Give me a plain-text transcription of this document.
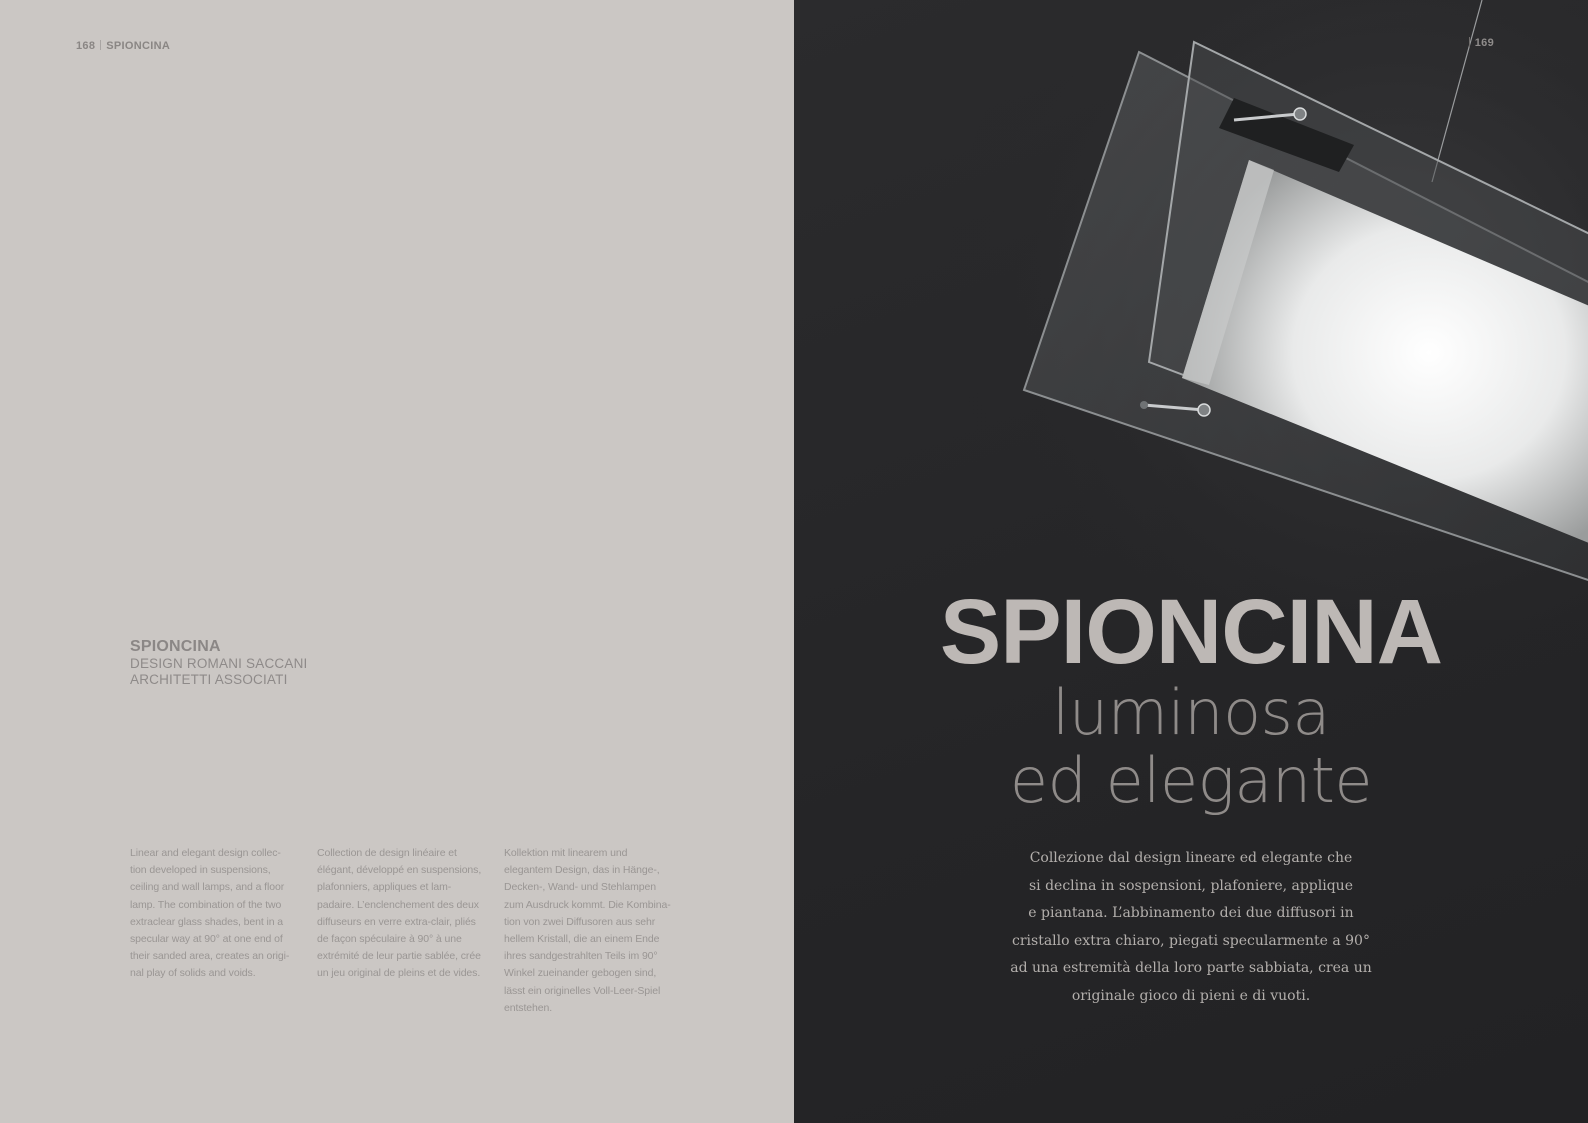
168 SPIONCINA
SPIONCINA
DESIGN ROMANI SACCANI
ARCHITETTI ASSOCIATI
Linear and elegant design collec-
tion developed in suspensions,
ceiling and wall lamps, and a floor
lamp. The combination of the two
extraclear glass shades, bent in a
specular way at 90° at one end of
their sanded area, creates an origi-
nal play of solids and voids.
Collection de design linéaire et
élégant, développé en suspensions,
plafonniers, appliques et lam-
padaire. L’enclenchement des deux
diffuseurs en verre extra-clair, pliés
de façon spéculaire à 90° à une
extrémité de leur partie sablée, crée
un jeu original de pleins et de vides.
Kollektion mit linearem und
elegantem Design, das in Hänge-,
Decken-, Wand- und Stehlampen
zum Ausdruck kommt. Die Kombina-
tion von zwei Diffusoren aus sehr
hellem Kristall, die an einem Ende
ihres sandgestrahlten Teils im 90°
Winkel zueinander gebogen sind,
lässt ein originelles Voll-Leer-Spiel
entstehen.
169
SPIONCINA
luminosa
ed elegante
Collezione dal design lineare ed elegante che
si declina in sospensioni, plafoniere, applique
e piantana. L’abbinamento dei due diffusori in
cristallo extra chiaro, piegati specularmente a 90°
ad una estremità della loro parte sabbiata, crea un
originale gioco di pieni e di vuoti.
